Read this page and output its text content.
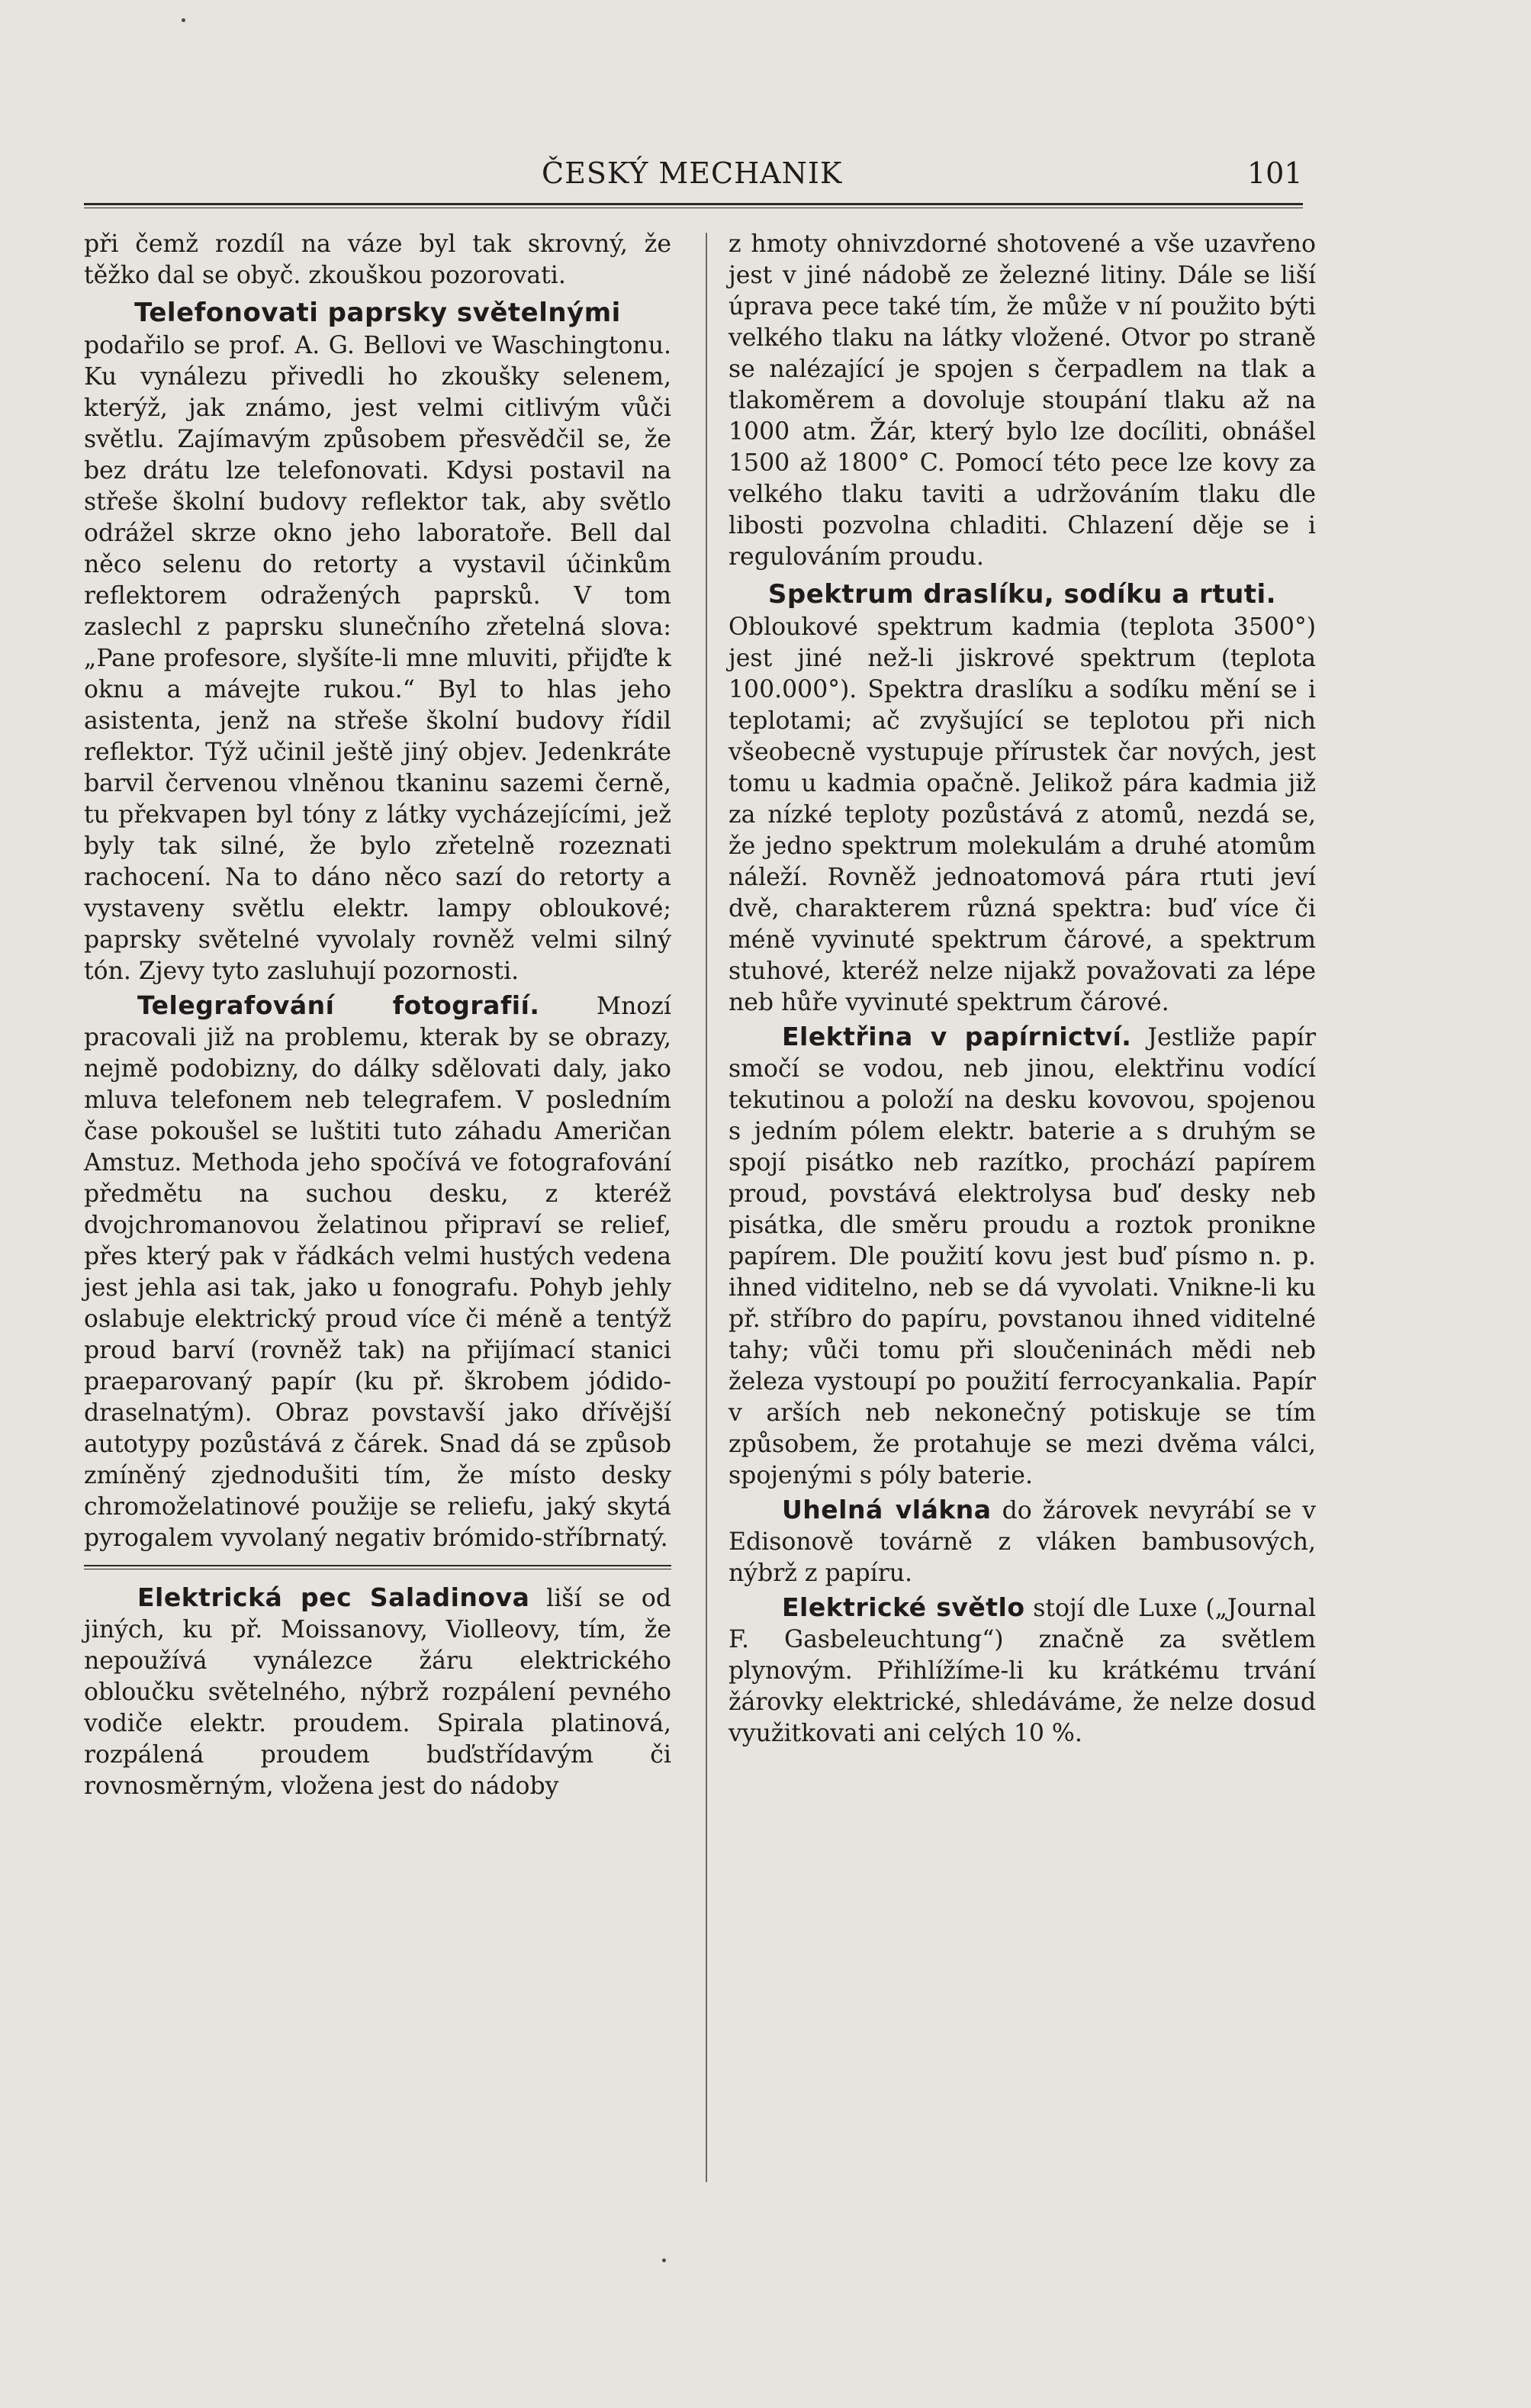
ČESKÝ MECHANIK	101

při čemž rozdíl na váze byl tak skrovný, že těžko dal se obyč. zkouškou pozorovati.

Telefonovati paprsky světelnými

podařilo se prof. A. G. Bellovi ve Waschingtonu. Ku vynálezu přivedli ho zkoušky selenem, kterýž, jak známo, jest velmi citlivým vůči světlu. Zajímavým způsobem přesvědčil se, že bez drátu lze telefonovati. Kdysi postavil na střeše školní budovy reflektor tak, aby světlo odrážel skrze okno jeho laboratoře. Bell dal něco selenu do retorty a vystavil účinkům reflektorem odražených paprsků. V tom zaslechl z paprsku slunečního zřetelná slova: „Pane profesore, slyšíte-li mne mluviti, přijďte k oknu a mávejte rukou.“ Byl to hlas jeho asistenta, jenž na střeše školní budovy řídil reflektor. Týž učinil ještě jiný objev. Jedenkráte barvil červenou vlněnou tkaninu sazemi černě, tu překvapen byl tóny z látky vycházejícími, jež byly tak silné, že bylo zřetelně rozeznati rachocení. Na to dáno něco sazí do retorty a vystaveny světlu elektr. lampy obloukové; paprsky světelné vyvolaly rovněž velmi silný tón. Zjevy tyto zasluhují pozornosti.

Telegrafování fotografií. Mnozí pracovali již na problemu, kterak by se obrazy, nejmě podobizny, do dálky sdělovati daly, jako mluva telefonem neb telegrafem. V posledním čase pokoušel se luštiti tuto záhadu Američan Amstuz. Methoda jeho spočívá ve fotografování předmětu na suchou desku, z kteréž dvojchromanovou želatinou připraví se relief, přes který pak v řádkách velmi hustých vedena jest jehla asi tak, jako u fonografu. Pohyb jehly oslabuje elektrický proud více či méně a tentýž proud barví (rovněž tak) na přijímací stanici praeparovaný papír (ku př. škrobem jódido-draselnatým). Obraz povstavší jako dřívější autotypy pozůstává z čárek. Snad dá se způsob zmíněný zjednodušiti tím, že místo desky chromoželatinové použije se reliefu, jaký skytá pyrogalem vyvolaný negativ brómido-stříbrnatý.

Elektrická pec Saladinova liší se od jiných, ku př. Moissanovy, Violleovy, tím, že nepoužívá vynálezce žáru elektrického obloučku světelného, nýbrž rozpálení pevného vodiče elektr. proudem. Spirala platinová, rozpálená proudem buďstřídavým či rovnosměrným, vložena jest do nádoby

z hmoty ohnivzdorné shotovené a vše uzavřeno jest v jiné nádobě ze železné litiny. Dále se liší úprava pece také tím, že může v ní použito býti velkého tlaku na látky vložené. Otvor po straně se nalézající je spojen s čerpadlem na tlak a tlakoměrem a dovoluje stoupání tlaku až na 1000 atm. Žár, který bylo lze docíliti, obnášel 1500 až 1800° C. Pomocí této pece lze kovy za velkého tlaku taviti a udržováním tlaku dle libosti pozvolna chladiti. Chlazení děje se i regulováním proudu.

Spektrum draslíku, sodíku a rtuti.

Obloukové spektrum kadmia (teplota 3500°) jest jiné než-li jiskrové spektrum (teplota 100.000°). Spektra draslíku a sodíku mění se i teplotami; ač zvyšující se teplotou při nich všeobecně vystupuje přírustek čar nových, jest tomu u kadmia opačně. Jelikož pára kadmia již za nízké teploty pozůstává z atomů, nezdá se, že jedno spektrum molekulám a druhé atomům náleží. Rovněž jednoatomová pára rtuti jeví dvě, charakterem různá spektra: buď více či méně vyvinuté spektrum čárové, a spektrum stuhové, kteréž nelze nijakž považovati za lépe neb hůře vyvinuté spektrum čárové.

Elektřina v papírnictví. Jestliže papír smočí se vodou, neb jinou, elektřinu vodící tekutinou a položí na desku kovovou, spojenou s jedním pólem elektr. baterie a s druhým se spojí pisátko neb razítko, prochází papírem proud, povstává elektrolysa buď desky neb pisátka, dle směru proudu a roztok pronikne papírem. Dle použití kovu jest buď písmo n. p. ihned viditelno, neb se dá vyvolati. Vnikne-li ku př. stříbro do papíru, povstanou ihned viditelné tahy; vůči tomu při sloučeninách mědi neb železa vystoupí po použití ferrocyankalia. Papír v arších neb nekonečný potiskuje se tím způsobem, že protahuje se mezi dvěma válci, spojenými s póly baterie.

Uhelná vlákna do žárovek nevyrábí se v Edisonově továrně z vláken bambusových, nýbrž z papíru.

Elektrické světlo stojí dle Luxe („Journal F. Gasbeleuchtung“) značně za světlem plynovým. Přihlížíme-li ku krátkému trvání žárovky elektrické, shledáváme, že nelze dosud využitkovati ani celých 10 %.
